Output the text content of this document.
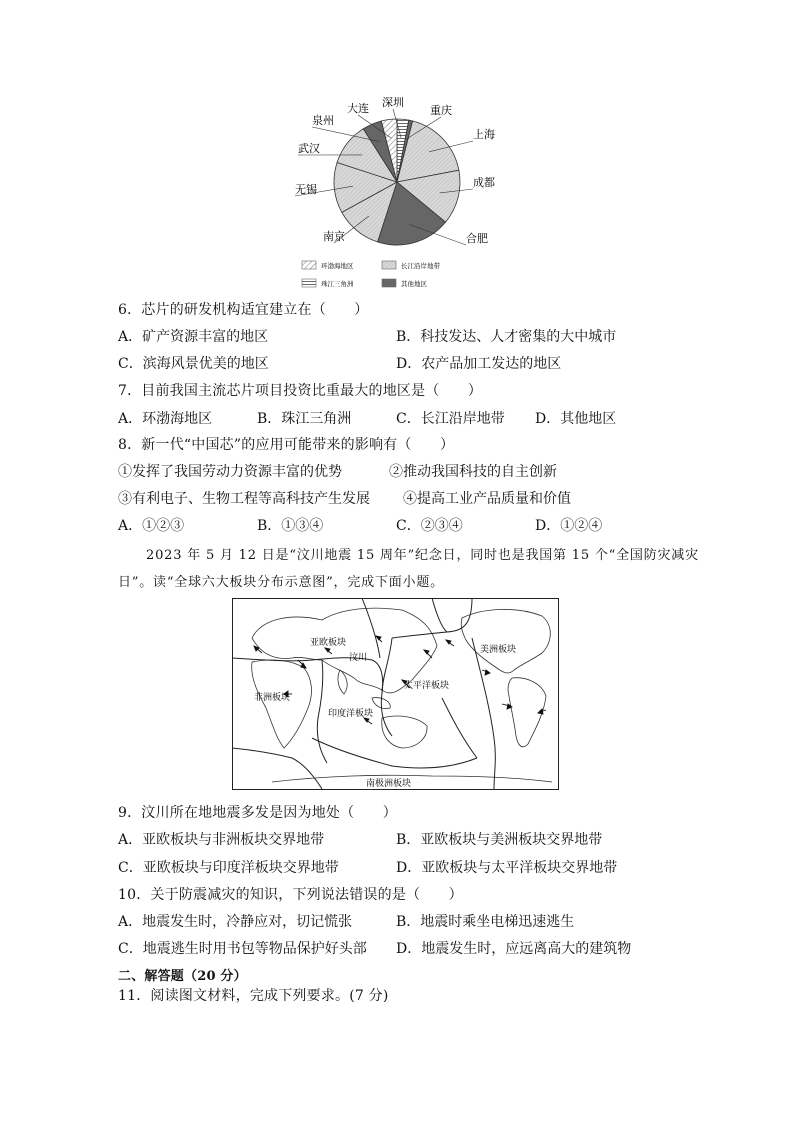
深圳
重庆
上海
成都
合肥
南京
无锡
武汉
泉州
大连
环渤海地区	长江沿岸地带
珠江三角洲	其他地区
6．芯片的研发机构适宜建立在（　　）
A．矿产资源丰富的地区	B．科技发达、人才密集的大中城市
C．滨海风景优美的地区	D．农产品加工发达的地区
7．目前我国主流芯片项目投资比重最大的地区是（　　）
A．环渤海地区	B．珠江三角洲	C．长江沿岸地带 D．其他地区
8．新一代“中国芯”的应用可能带来的影响有（　　）
①发挥了我国劳动力资源丰富的优势	②推动我国科技的自主创新
③有利电子、生物工程等高科技产生发展 ④提高工业产品质量和价值
A．①②③	B．①③④	C．②③④	D．①②④
2023 年 5 月 12 日是“汶川地震 15 周年”纪念日，同时也是我国第 15 个“全国防灾减灾
日”。读“全球六大板块分布示意图”，完成下面小题。
亚欧板块
汶川
美洲板块
非洲板块
太平洋板块
印度洋板块
南极洲板块
9．汶川所在地地震多发是因为地处（　　）
A．亚欧板块与非洲板块交界地带	B．亚欧板块与美洲板块交界地带
C．亚欧板块与印度洋板块交界地带	D．亚欧板块与太平洋板块交界地带
10．关于防震减灾的知识，下列说法错误的是（　　）
A．地震发生时，冷静应对，切记慌张	B．地震时乘坐电梯迅速逃生
C．地震逃生时用书包等物品保护好头部 D．地震发生时，应远离高大的建筑物
二、解答题（20 分）
11．阅读图文材料，完成下列要求。(7 分)
